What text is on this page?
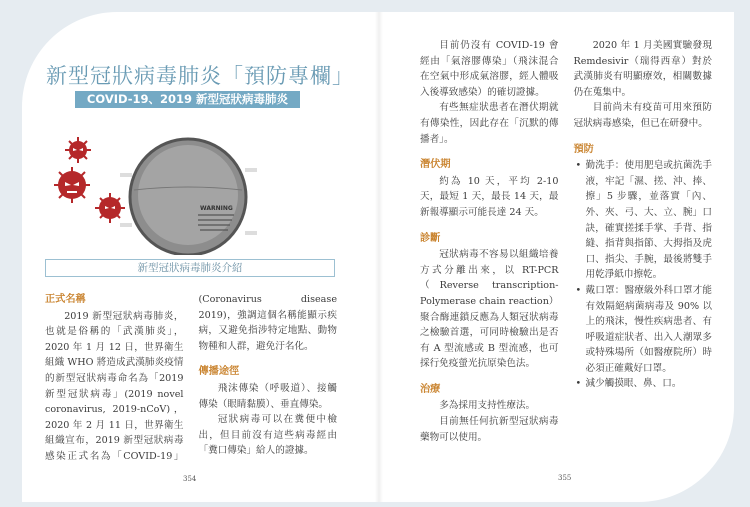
新型冠狀病毒肺炎「預防專欄」
COVID-19、2019 新型冠狀病毒肺炎
WARNING
新型冠狀病毒肺炎介紹
正式名稱

2019 新型冠狀病毒肺炎，也就是俗稱的「武漢肺炎」，2020 年 1 月 12 日，世界衛生組織 WHO 將造成武漢肺炎疫情的新型冠狀病毒命名為「2019 新型冠狀病毒」(2019 novel coronavirus, 2019-nCoV)，2020 年 2 月 11 日，世界衛生組織宣布，2019 新型冠狀病毒感染正式名為「COVID-19」(Coronavirus disease 2019)，強調這個名稱能顯示疾病，又避免指涉特定地點、動物物種和人群，避免汙名化。

傳播途徑

飛沫傳染（呼吸道）、接觸傳染（眼睛黏膜）、垂直傳染。

冠狀病毒可以在糞便中檢出，但目前沒有這些病毒經由「糞口傳染」給人的證據。

354

目前仍沒有 COVID-19 會經由「氣溶膠傳染」（飛沫混合在空氣中形成氣溶膠，經人體吸入後導致感染）的確切證據。

有些無症狀患者在潛伏期就有傳染性，因此存在「沉默的傳播者」。

潛伏期

約為 10 天，平均 2-10 天，最短 1 天，最長 14 天，最新報導顯示可能長達 24 天。

診斷

冠狀病毒不容易以組織培養方式分離出來，以 RT-PCR（Reverse transcription-Polymerase chain reaction）聚合酶連鎖反應為人類冠狀病毒之檢驗首選，可同時檢驗出是否有 A 型流感或 B 型流感，也可採行免疫螢光抗原染色法。

治療

多為採用支持性療法。

目前無任何抗新型冠狀病毒藥物可以使用。

2020 年 1 月美國實驗發現 Remdesivir（瑞得西韋）對於武漢肺炎有明顯療效，相關數據仍在蒐集中。

目前尚未有疫苗可用來預防冠狀病毒感染，但已在研發中。

預防
• 勤洗手：使用肥皂或抗菌洗手液，牢記「濕、搓、沖、捧、擦」5 步驟，並落實「內、外、夾、弓、大、立、腕」口訣，確實搓揉手掌、手背、指縫、指背與指節、大拇指及虎口、指尖、手腕，最後將雙手用乾淨紙巾擦乾。
• 戴口罩：醫療級外科口罩才能有效隔絕病菌病毒及 90% 以上的飛沫，慢性疾病患者、有呼吸道症狀者、出入人潮眾多或特殊場所（如醫療院所）時必須正確戴好口罩。
• 減少觸摸眼、鼻、口。
355
